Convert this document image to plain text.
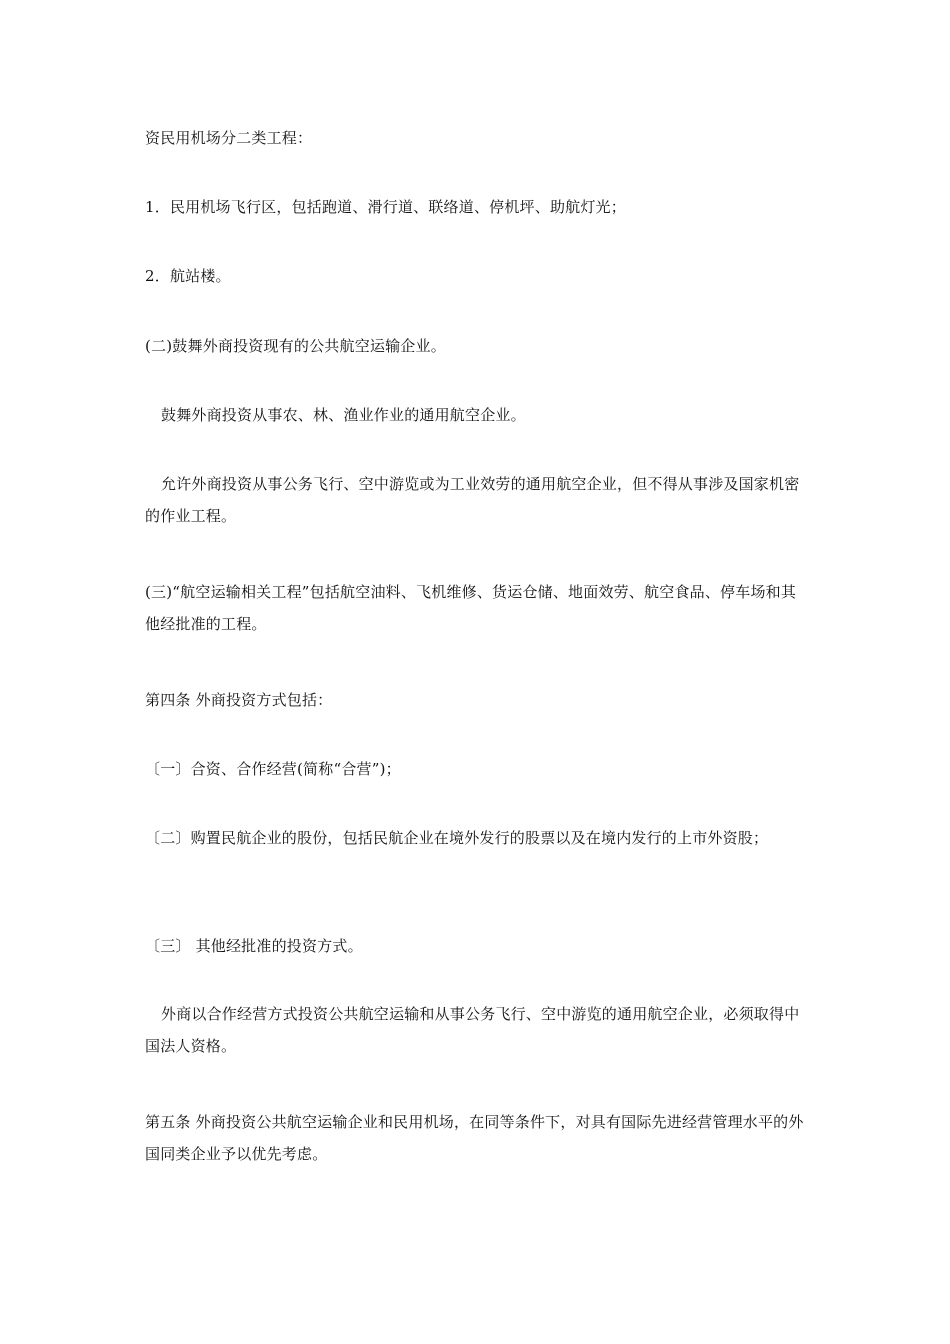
资民用机场分二类工程：

1．民用机场飞行区，包括跑道、滑行道、联络道、停机坪、助航灯光；

2．航站楼。

(二)鼓舞外商投资现有的公共航空运输企业。

鼓舞外商投资从事农、林、渔业作业的通用航空企业。

允许外商投资从事公务飞行、空中游览或为工业效劳的通用航空企业，但不得从事涉及国家机密的作业工程。

(三)“航空运输相关工程”包括航空油料、飞机维修、货运仓储、地面效劳、航空食品、停车场和其他经批准的工程。

第四条 外商投资方式包括：

〔一〕合资、合作经营(简称“合营”)；

〔二〕购置民航企业的股份，包括民航企业在境外发行的股票以及在境内发行的上市外资股；

〔三〕 其他经批准的投资方式。

外商以合作经营方式投资公共航空运输和从事公务飞行、空中游览的通用航空企业，必须取得中国法人资格。

第五条 外商投资公共航空运输企业和民用机场，在同等条件下，对具有国际先进经营管理水平的外国同类企业予以优先考虑。
